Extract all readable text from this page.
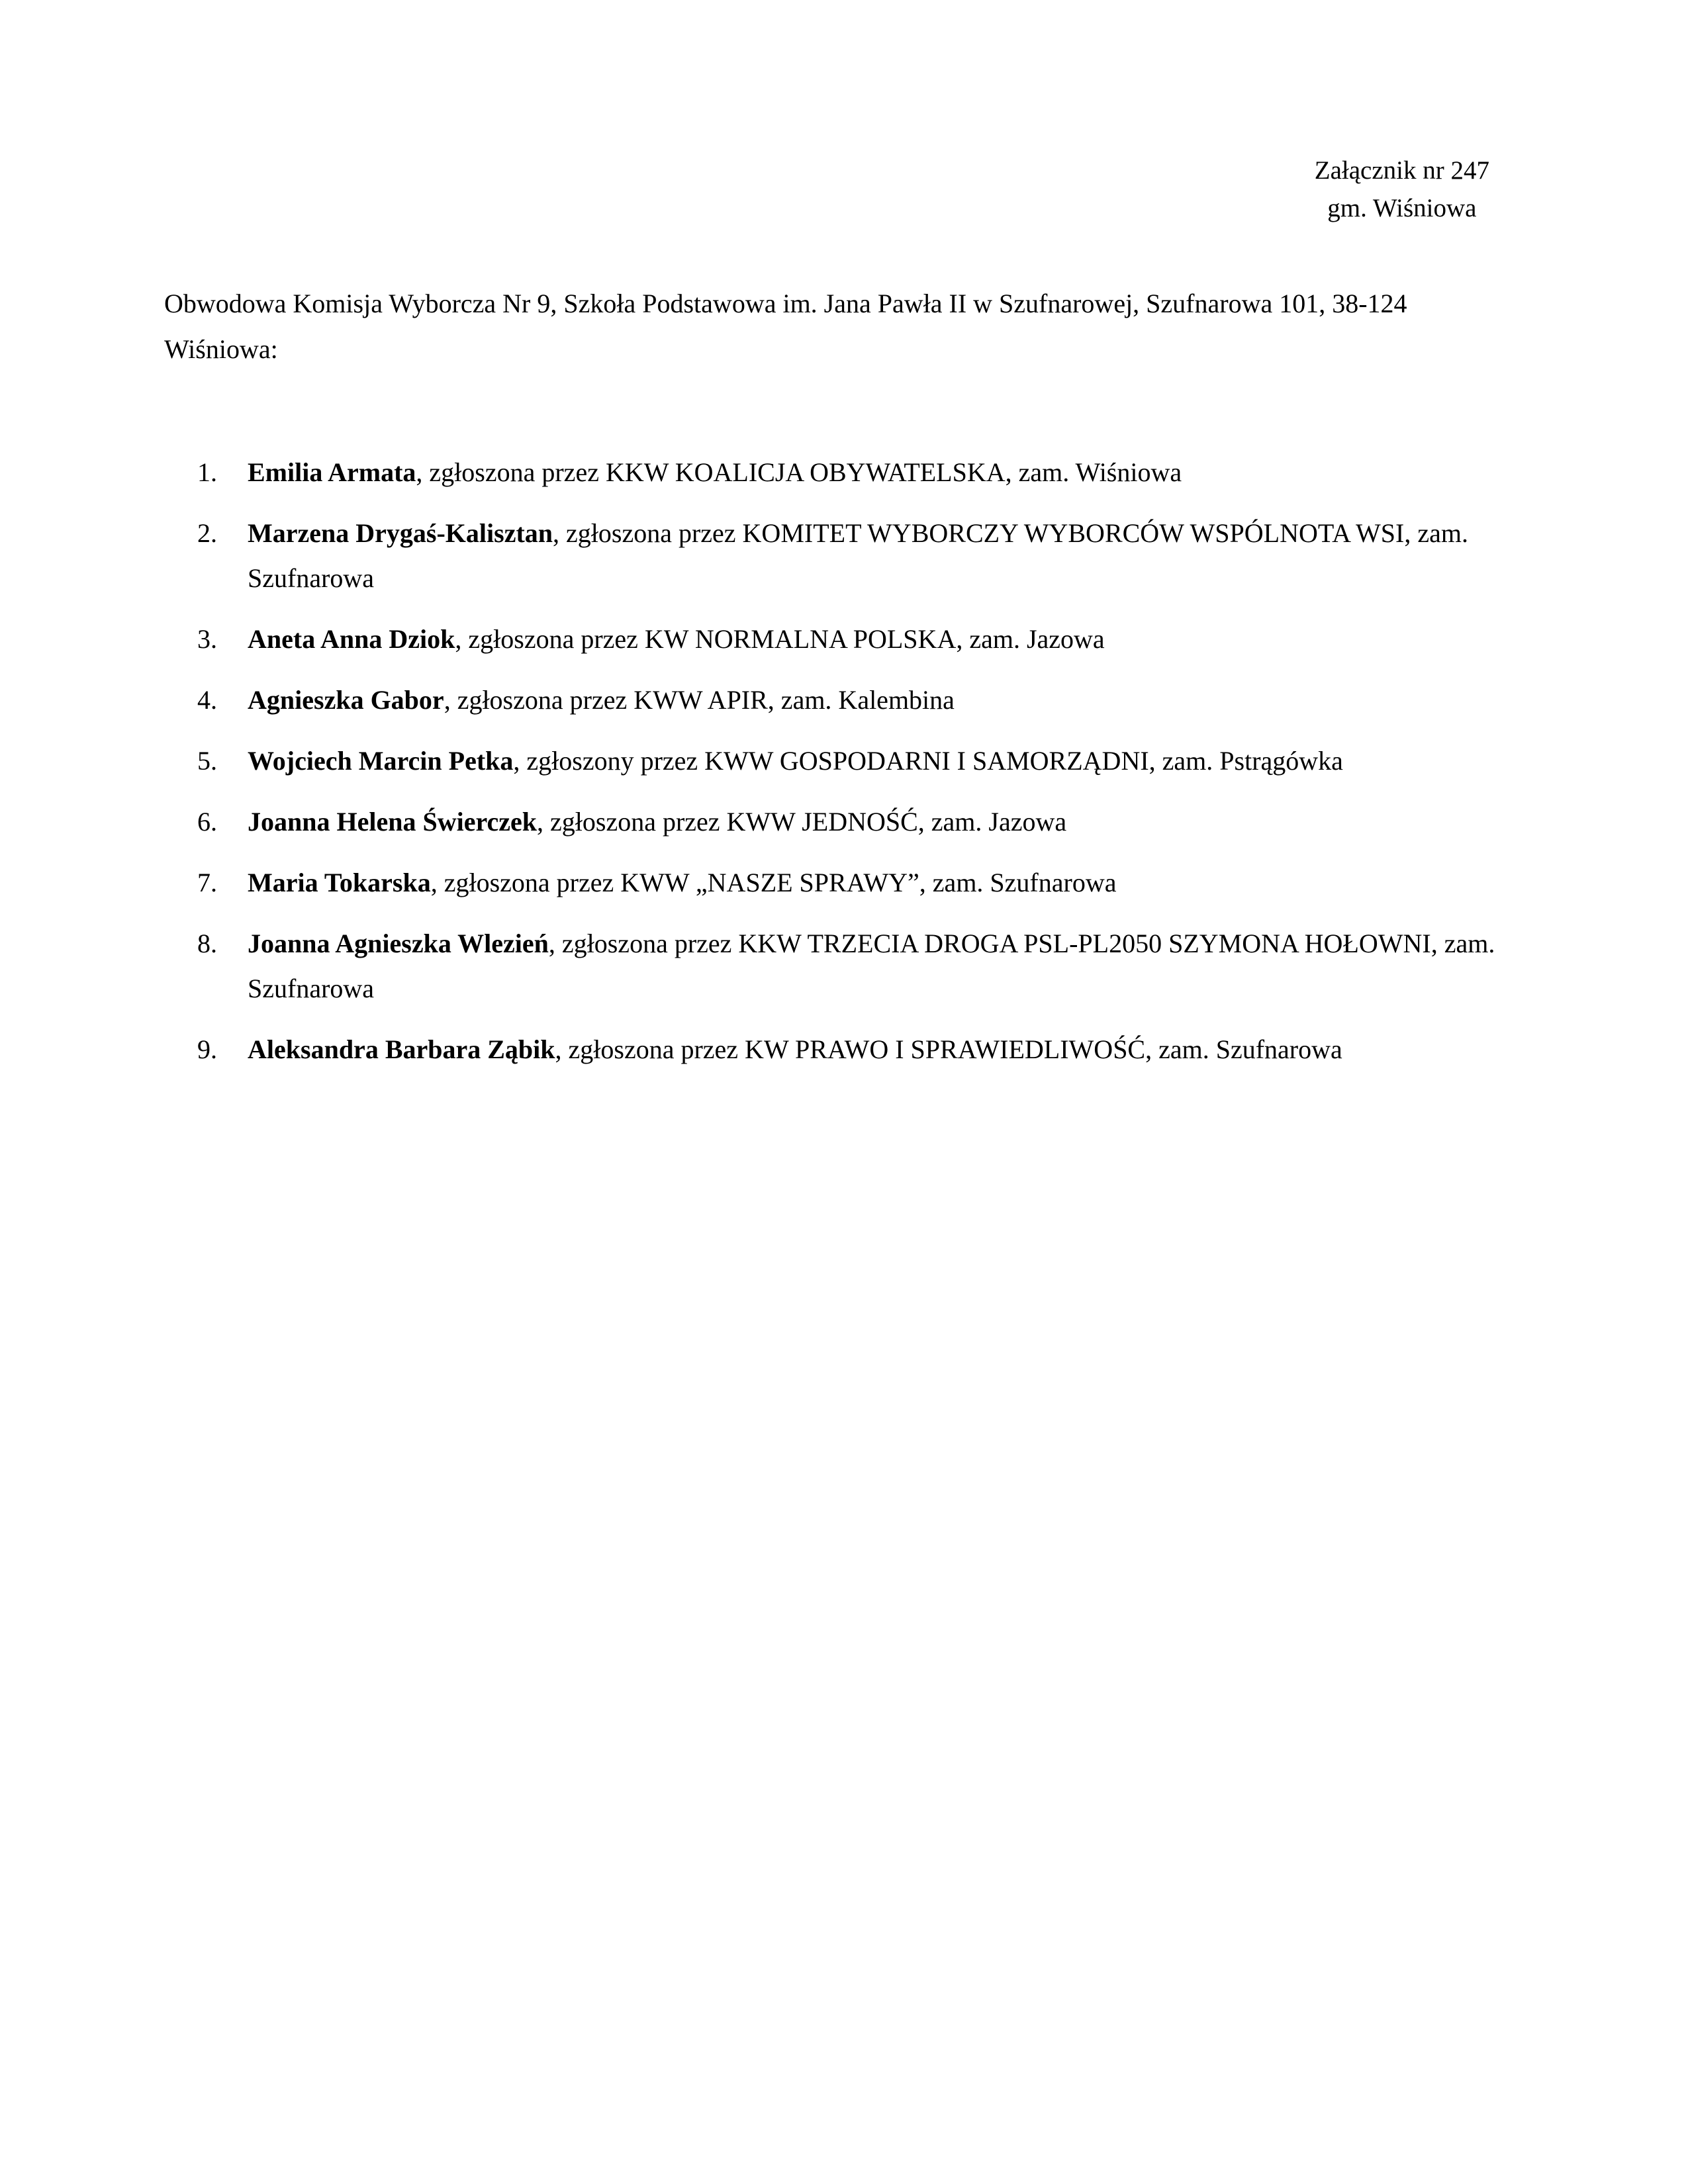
Załącznik nr 247
gm. Wiśniowa
Obwodowa Komisja Wyborcza Nr 9, Szkoła Podstawowa im. Jana Pawła II w Szufnarowej, Szufnarowa 101, 38-124 Wiśniowa:
1. Emilia Armata, zgłoszona przez KKW KOALICJA OBYWATELSKA, zam. Wiśniowa
2. Marzena Drygaś-Kalisztan, zgłoszona przez KOMITET WYBORCZY WYBORCÓW WSPÓLNOTA WSI, zam. Szufnarowa
3. Aneta Anna Dziok, zgłoszona przez KW NORMALNA POLSKA, zam. Jazowa
4. Agnieszka Gabor, zgłoszona przez KWW APIR, zam. Kalembina
5. Wojciech Marcin Petka, zgłoszony przez KWW GOSPODARNI I SAMORZĄDNI, zam. Pstrągówka
6. Joanna Helena Świerczek, zgłoszona przez KWW JEDNOŚĆ, zam. Jazowa
7. Maria Tokarska, zgłoszona przez KWW „NASZE SPRAWY”, zam. Szufnarowa
8. Joanna Agnieszka Wlezień, zgłoszona przez KKW TRZECIA DROGA PSL-PL2050 SZYMONA HOŁOWNI, zam. Szufnarowa
9. Aleksandra Barbara Ząbik, zgłoszona przez KW PRAWO I SPRAWIEDLIWOŚĆ, zam. Szufnarowa
